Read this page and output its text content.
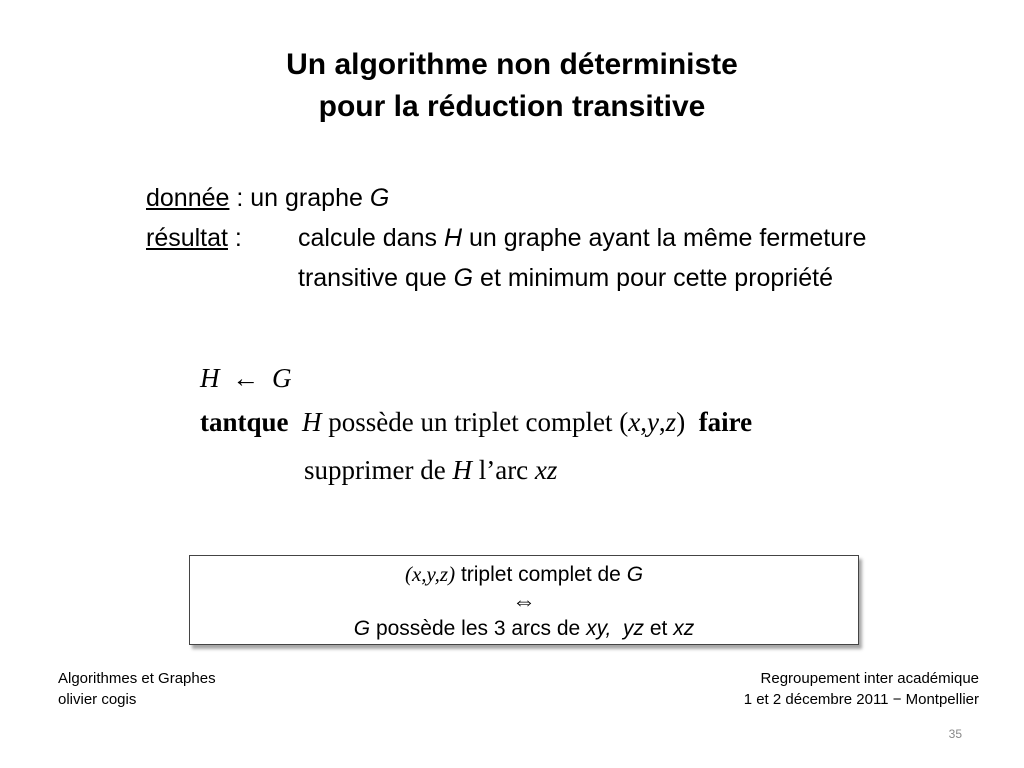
Un algorithme non déterministe
pour la réduction transitive
donnée : un graphe G
résultat :	calcule dans H un graphe ayant la même fermeture transitive que G et minimum pour cette propriété
H ← G
tantque H possède un triplet complet (x,y,z) faire
supprimer de H l’arc xz
(x,y,z) triplet complet de G
⇔
G possède les 3 arcs de xy, yz et xz
Algorithmes et Graphes
olivier cogis
Regroupement inter académique
1 et 2 décembre 2011 − Montpellier
35
